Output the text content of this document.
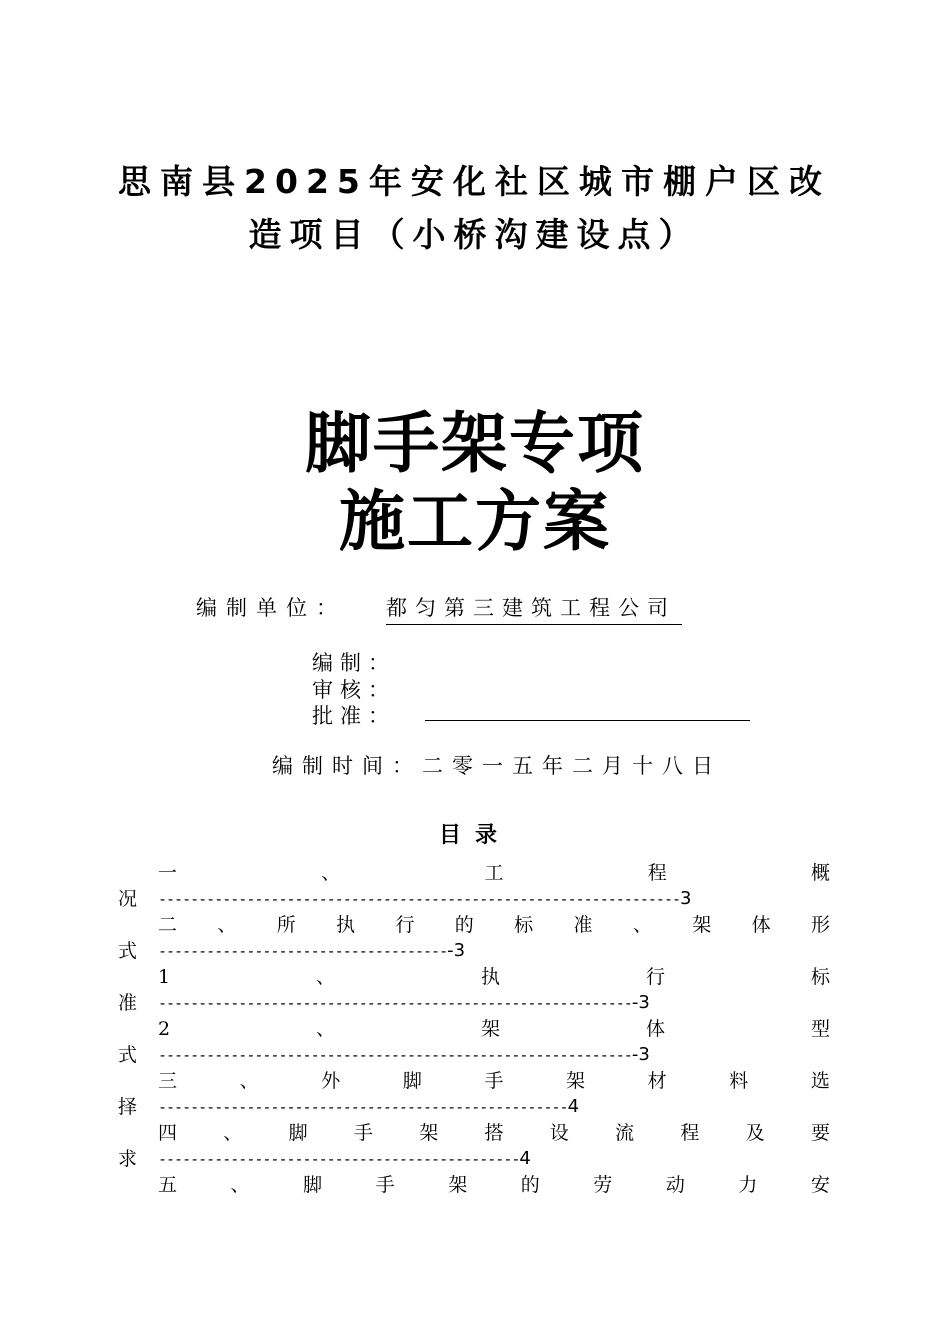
思南县2025年安化社区城市棚户区改造项目（小桥沟建设点）
脚手架专项
施工方案
编制单位： 都匀第三建筑工程公司
编制：
审核：
批准：
编制时间：二零一五年二月十八日
目录
一	、	工	程	概
况	----------------------------------------------------------------- 3
二 、 所 执 行 的 标 准 、 架 体 形
式	------------------------------------ -3
1	、	执	行	标
准	----------------------------------------------------------- -3
2	、	架	体	型
式	----------------------------------------------------------- -3
三	、	外	脚	手	架	材	料	选
择	--------------------------------------------------- 4
四 、 脚 手 架 搭 设 流 程 及 要
求	--------------------------------------------- 4
五	、	脚	手	架	的	劳	动	力	安
